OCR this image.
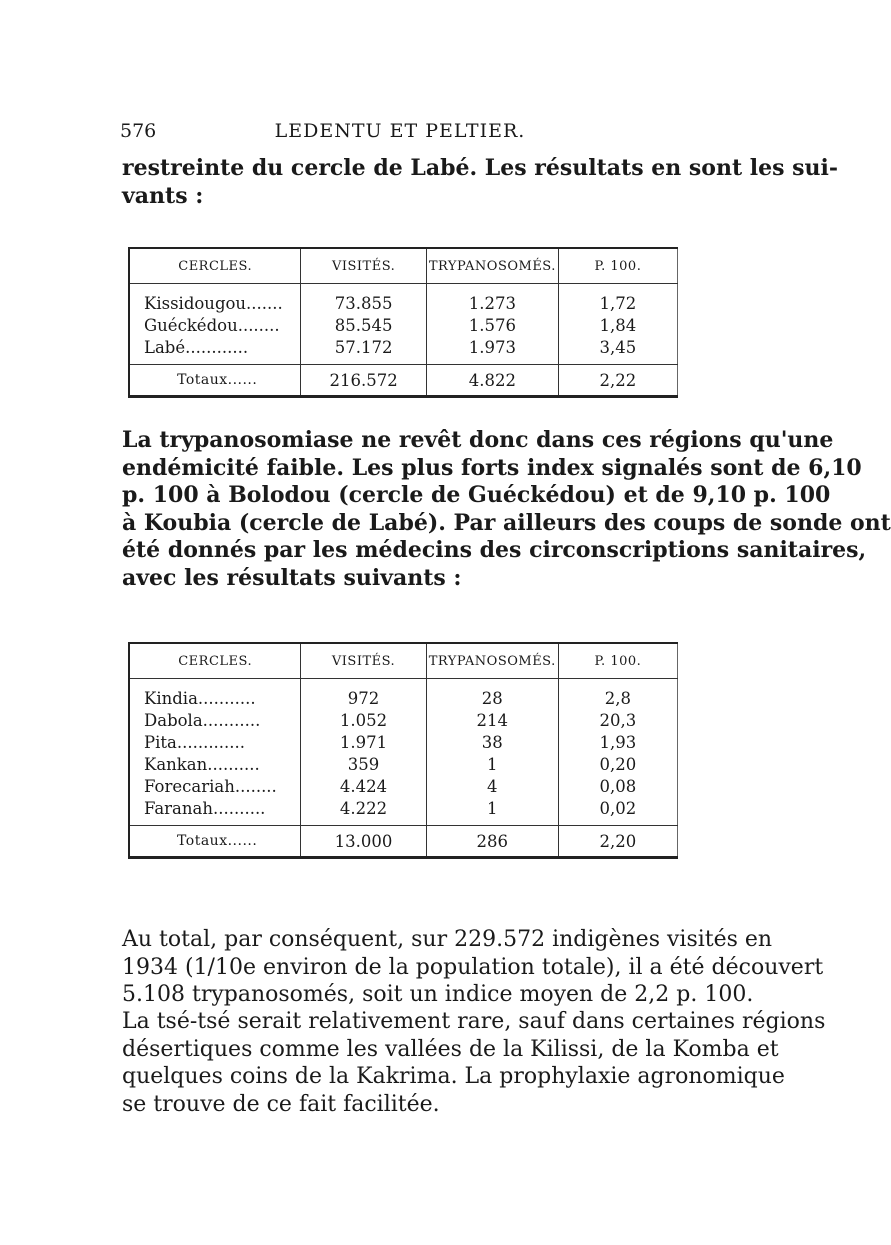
576	LEDENTU ET PELTIER.

restreinte du cercle de Labé. Les résultats en sont les sui-
vants :

CERCLES.	VISITÉS.	TRYPANOSOMÉS.	P. 100.
Kissidougou.......	73.855	1.273	1,72
Guéckédou........	85.545	1.576	1,84
Labé............	57.172	1.973	3,45
Totaux......	216.572	4.822	2,22

La trypanosomiase ne revêt donc dans ces régions qu'une
endémicité faible. Les plus forts index signalés sont de 6,10
p. 100 à Bolodou (cercle de Guéckédou) et de 9,10 p. 100
à Koubia (cercle de Labé). Par ailleurs des coups de sonde ont
été donnés par les médecins des circonscriptions sanitaires,
avec les résultats suivants :

CERCLES.	VISITÉS.	TRYPANOSOMÉS.	P. 100.
Kindia...........	972	28	2,8
Dabola...........	1.052	214	20,3
Pita.............	1.971	38	1,93
Kankan..........	359	1	0,20
Forecariah........	4.424	4	0,08
Faranah..........	4.222	1	0,02
Totaux......	13.000	286	2,20

Au total, par conséquent, sur 229.572 indigènes visités en
1934 (1/10e environ de la population totale), il a été découvert
5.108 trypanosomés, soit un indice moyen de 2,2 p. 100.

La tsé-tsé serait relativement rare, sauf dans certaines régions
désertiques comme les vallées de la Kilissi, de la Komba et
quelques coins de la Kakrima. La prophylaxie agronomique
se trouve de ce fait facilitée.
